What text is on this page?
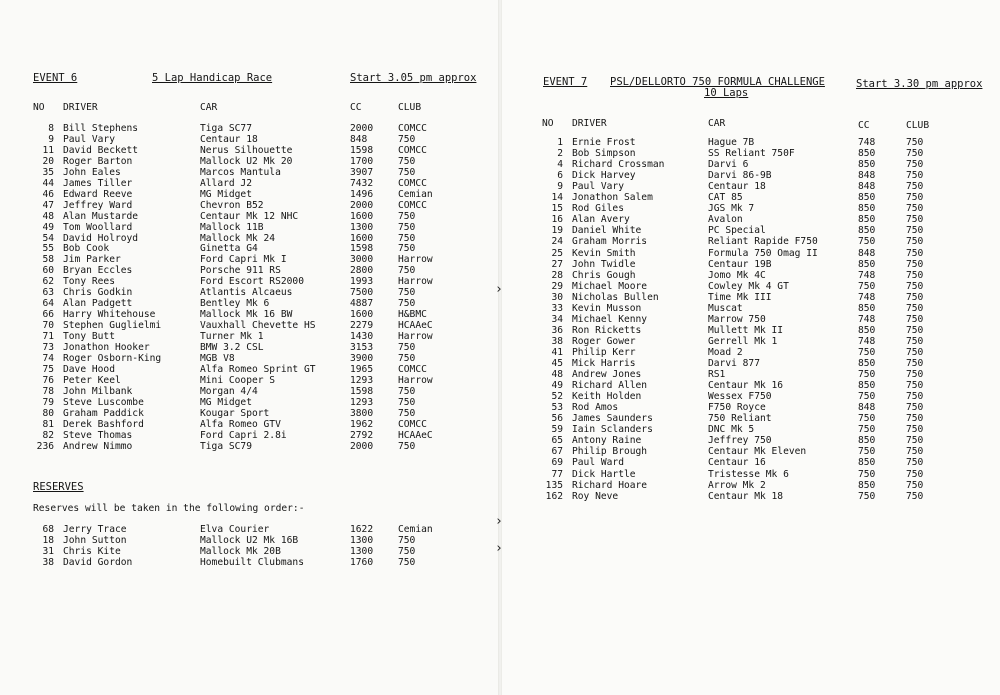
EVENT 6	5 Lap Handicap Race	Start 3.05 pm approx
NO DRIVER	CAR	CC	CLUB
8 Bill Stephens	Tiga SC77	2000	COMCC
9 Paul Vary	Centaur 18	848	750
11 David Beckett	Nerus Silhouette	1598	COMCC
20 Roger Barton	Mallock U2 Mk 20	1700	750
35 John Eales	Marcos Mantula	3907	750
44 James Tiller	Allard J2	7432	COMCC
46 Edward Reeve	MG Midget	1496	Cemian
47 Jeffrey Ward	Chevron B52	2000	COMCC
48 Alan Mustarde	Centaur Mk 12 NHC	1600	750
49 Tom Woollard	Mallock 11B	1300	750
54 David Holroyd	Mallock Mk 24	1600	750
55 Bob Cook	Ginetta G4	1598	750
58 Jim Parker	Ford Capri Mk I	3000	Harrow
60 Bryan Eccles	Porsche 911 RS	2800	750
62 Tony Rees	Ford Escort RS2000	1993	Harrow
63 Chris Godkin	Atlantis Alcaeus	7500	750
64 Alan Padgett	Bentley Mk 6	4887	750
66 Harry Whitehouse	Mallock Mk 16 BW	1600	H&BMC
70 Stephen Guglielmi	Vauxhall Chevette HS	2279	HCAAeC
71 Tony Butt	Turner Mk 1	1430	Harrow
73 Jonathon Hooker	BMW 3.2 CSL	3153	750
74 Roger Osborn-King	MGB V8	3900	750
75 Dave Hood	Alfa Romeo Sprint GT	1965	COMCC
76 Peter Keel	Mini Cooper S	1293	Harrow
78 John Milbank	Morgan 4/4	1598	750
79 Steve Luscombe	MG Midget	1293	750
80 Graham Paddick	Kougar Sport	3800	750
81 Derek Bashford	Alfa Romeo GTV	1962	COMCC
82 Steve Thomas	Ford Capri 2.8i	2792	HCAAeC
236 Andrew Nimmo	Tiga SC79	2000	750
RESERVES
Reserves will be taken in the following order:-
68 Jerry Trace	Elva Courier	1622	Cemian
18 John Sutton	Mallock U2 Mk 16B	1300	750
31 Chris Kite	Mallock Mk 20B	1300	750
38 David Gordon	Homebuilt Clubmans	1760	750
EVENT 7 PSL/DELLORTO 750 FORMULA CHALLENGE
10 Laps
Start 3.30 pm approx
NO DRIVER	CAR	CC	CLUB
1 Ernie Frost	Hague 7B	748	750
2 Bob Simpson	SS Reliant 750F	850	750
4 Richard Crossman	Darvi 6	850	750
6 Dick Harvey	Darvi 86-9B	848	750
9 Paul Vary	Centaur 18	848	750
14 Jonathon Salem	CAT 85	850	750
15 Rod Giles	JGS Mk 7	850	750
16 Alan Avery	Avalon	850	750
19 Daniel White	PC Special	850	750
24 Graham Morris	Reliant Rapide F750	750	750
25 Kevin Smith	Formula 750 Omag II	848	750
27 John Twidle	Centaur 19B	850	750
28 Chris Gough	Jomo Mk 4C	748	750
29 Michael Moore	Cowley Mk 4 GT	750	750
30 Nicholas Bullen	Time Mk III	748	750
33 Kevin Musson	Muscat	850	750
34 Michael Kenny	Marrow 750	748	750
36 Ron Ricketts	Mullett Mk II	850	750
38 Roger Gower	Gerrell Mk 1	748	750
41 Philip Kerr	Moad 2	750	750
45 Mick Harris	Darvi 877	850	750
48 Andrew Jones	RS1	750	750
49 Richard Allen	Centaur Mk 16	850	750
52 Keith Holden	Wessex F750	750	750
53 Rod Amos	F750 Royce	848	750
56 James Saunders	750 Reliant	750	750
59 Iain Sclanders	DNC Mk 5	750	750
65 Antony Raine	Jeffrey 750	850	750
67 Philip Brough	Centaur Mk Eleven	750	750
69 Paul Ward	Centaur 16	850	750
77 Dick Hartle	Tristesse Mk 6	750	750
135 Richard Hoare	Arrow Mk 2	850	750
162 Roy Neve	Centaur Mk 18	750	750
›
›
›
